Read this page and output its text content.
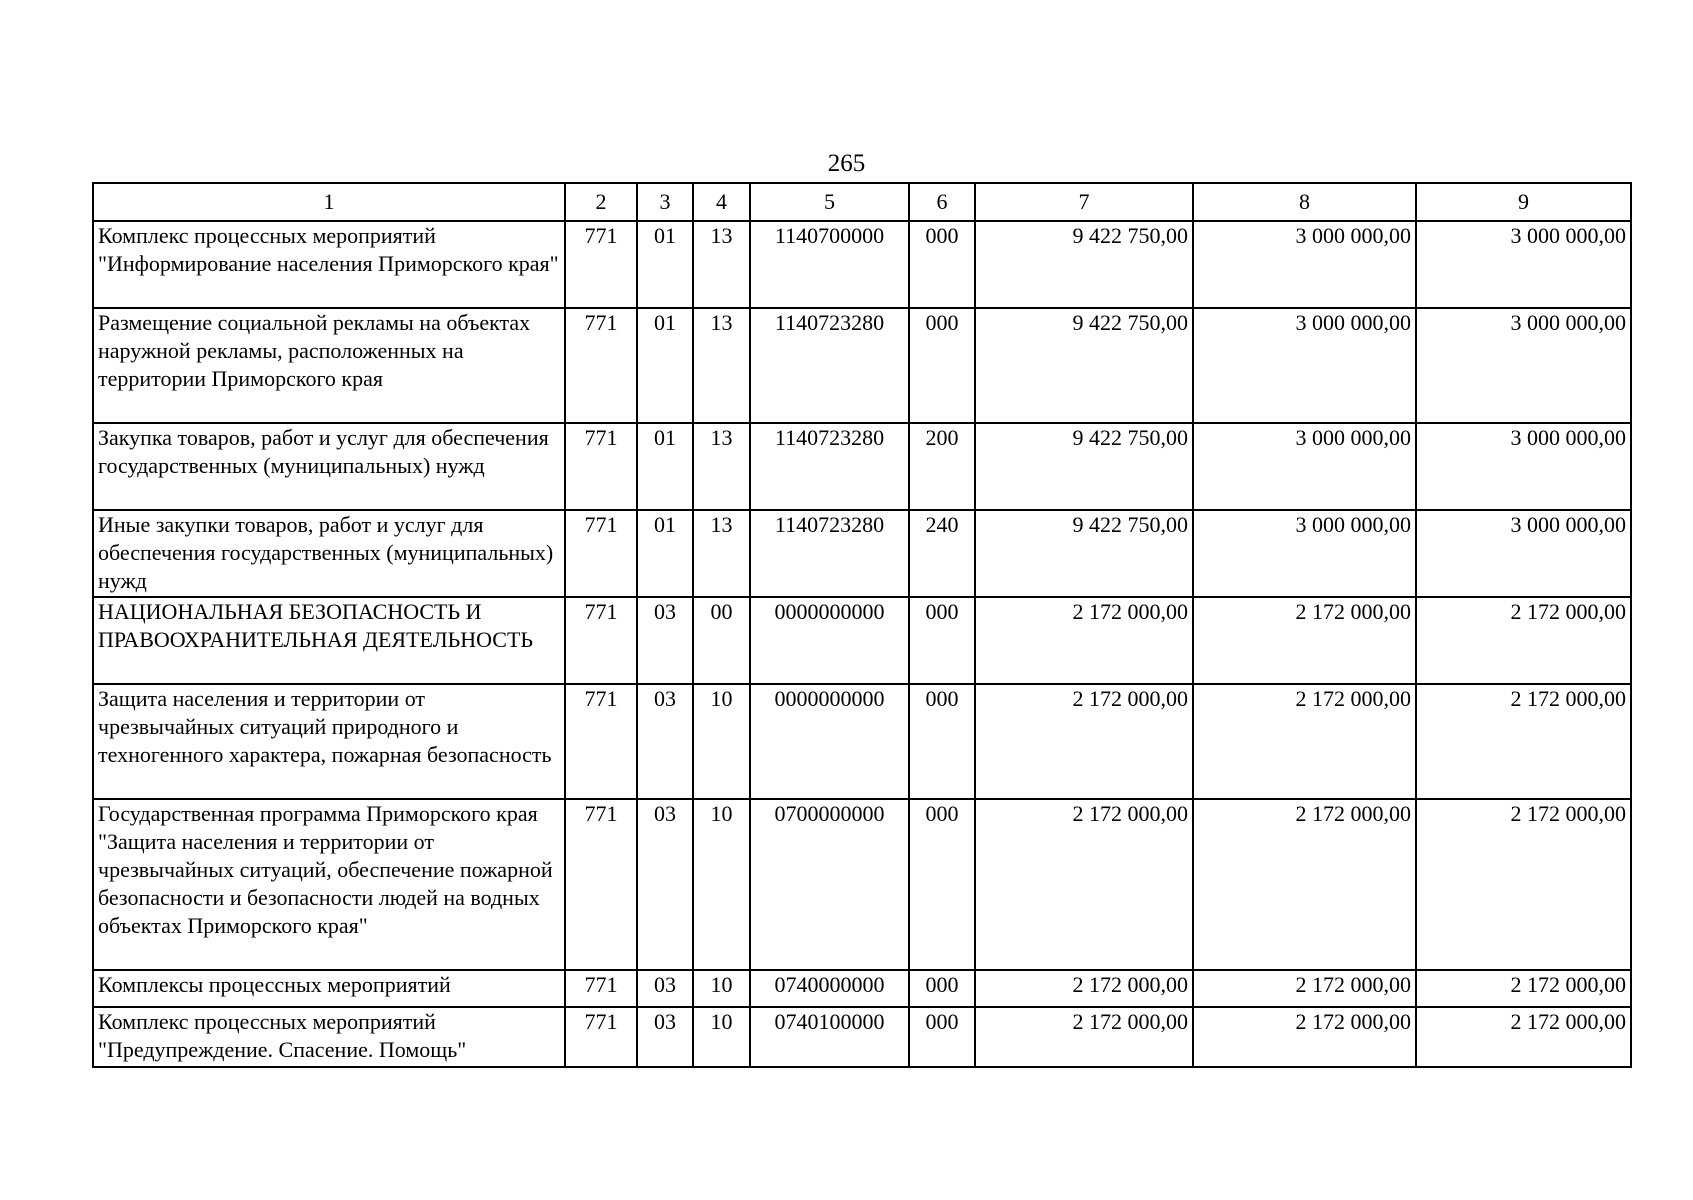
265
1	2	3	4	5	6	7	8	9
Комплекс процессных мероприятий "Информирование населения Приморского края"	771	01	13	1140700000	000	9 422 750,00	3 000 000,00	3 000 000,00
Размещение социальной рекламы на объектах наружной рекламы, расположенных на территории Приморского края	771	01	13	1140723280	000	9 422 750,00	3 000 000,00	3 000 000,00
Закупка товаров, работ и услуг для обеспечения государственных (муниципальных) нужд	771	01	13	1140723280	200	9 422 750,00	3 000 000,00	3 000 000,00
Иные закупки товаров, работ и услуг для обеспечения государственных (муниципальных) нужд	771	01	13	1140723280	240	9 422 750,00	3 000 000,00	3 000 000,00
НАЦИОНАЛЬНАЯ БЕЗОПАСНОСТЬ И ПРАВООХРАНИТЕЛЬНАЯ ДЕЯТЕЛЬНОСТЬ	771	03	00	0000000000	000	2 172 000,00	2 172 000,00	2 172 000,00
Защита населения и территории от чрезвычайных ситуаций природного и техногенного характера, пожарная безопасность	771	03	10	0000000000	000	2 172 000,00	2 172 000,00	2 172 000,00
Государственная программа Приморского края "Защита населения и территории от чрезвычайных ситуаций, обеспечение пожарной безопасности и безопасности людей на водных объектах Приморского края"	771	03	10	0700000000	000	2 172 000,00	2 172 000,00	2 172 000,00
Комплексы процессных мероприятий	771	03	10	0740000000	000	2 172 000,00	2 172 000,00	2 172 000,00
Комплекс процессных мероприятий "Предупреждение. Спасение. Помощь"	771	03	10	0740100000	000	2 172 000,00	2 172 000,00	2 172 000,00
